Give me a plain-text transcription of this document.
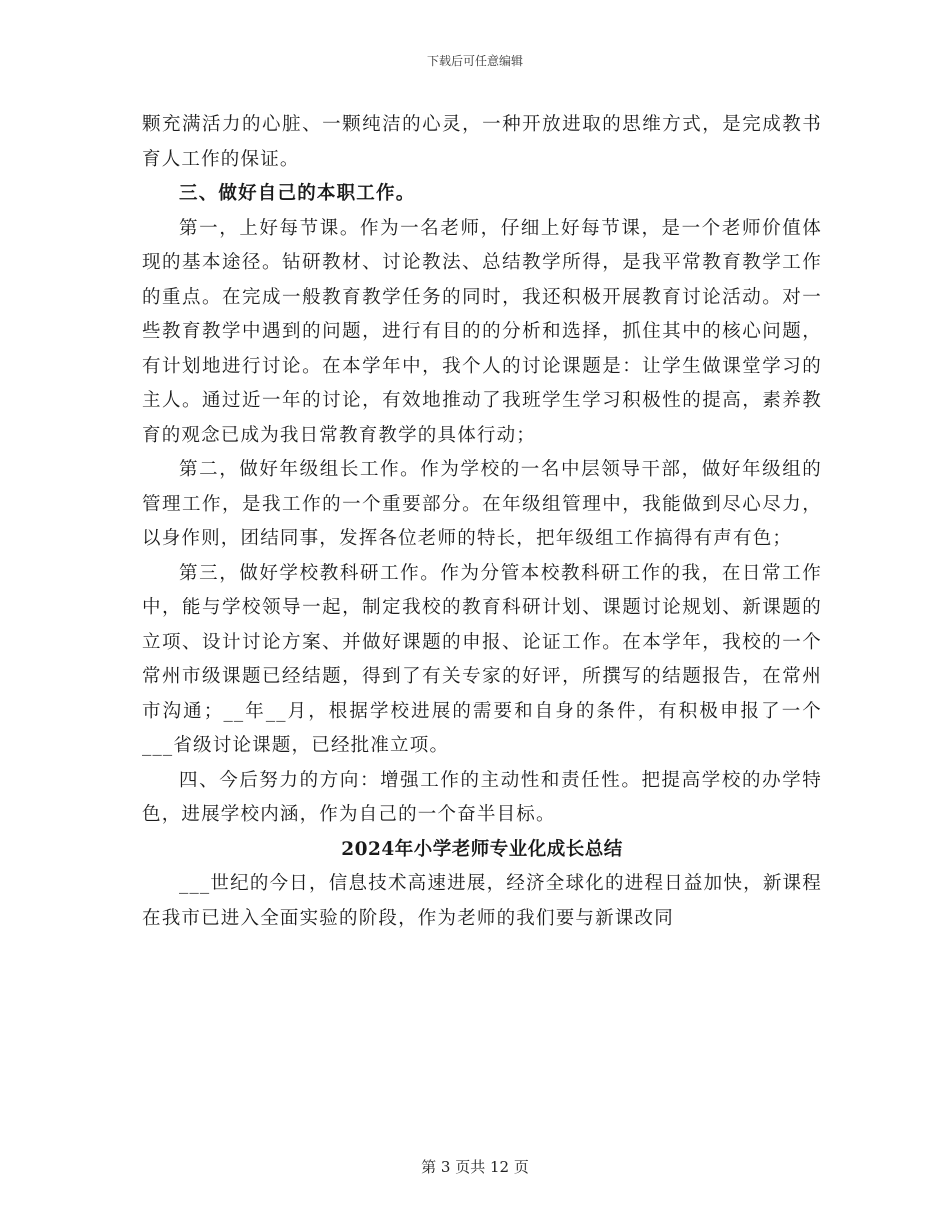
下载后可任意编辑

颗充满活力的心脏、一颗纯洁的心灵，一种开放进取的思维方式，是完成教书育人工作的保证。

三、做好自己的本职工作。

第一，上好每节课。作为一名老师，仔细上好每节课，是一个老师价值体现的基本途径。钻研教材、讨论教法、总结教学所得，是我平常教育教学工作的重点。在完成一般教育教学任务的同时，我还积极开展教育讨论活动。对一些教育教学中遇到的问题，进行有目的的分析和选择，抓住其中的核心问题，有计划地进行讨论。在本学年中，我个人的讨论课题是：让学生做课堂学习的主人。通过近一年的讨论，有效地推动了我班学生学习积极性的提高，素养教育的观念已成为我日常教育教学的具体行动；

第二，做好年级组长工作。作为学校的一名中层领导干部，做好年级组的管理工作，是我工作的一个重要部分。在年级组管理中，我能做到尽心尽力，以身作则，团结同事，发挥各位老师的特长，把年级组工作搞得有声有色；

第三，做好学校教科研工作。作为分管本校教科研工作的我，在日常工作中，能与学校领导一起，制定我校的教育科研计划、课题讨论规划、新课题的立项、设计讨论方案、并做好课题的申报、论证工作。在本学年，我校的一个常州市级课题已经结题，得到了有关专家的好评，所撰写的结题报告，在常州市沟通；__年__月，根据学校进展的需要和自身的条件，有积极申报了一个___省级讨论课题，已经批准立项。

四、今后努力的方向：增强工作的主动性和责任性。把提高学校的办学特色，进展学校内涵，作为自己的一个奋半目标。

2024年小学老师专业化成长总结

___世纪的今日，信息技术高速进展，经济全球化的进程日益加快，新课程在我市已进入全面实验的阶段，作为老师的我们要与新课改同

第 3 页共 12 页
